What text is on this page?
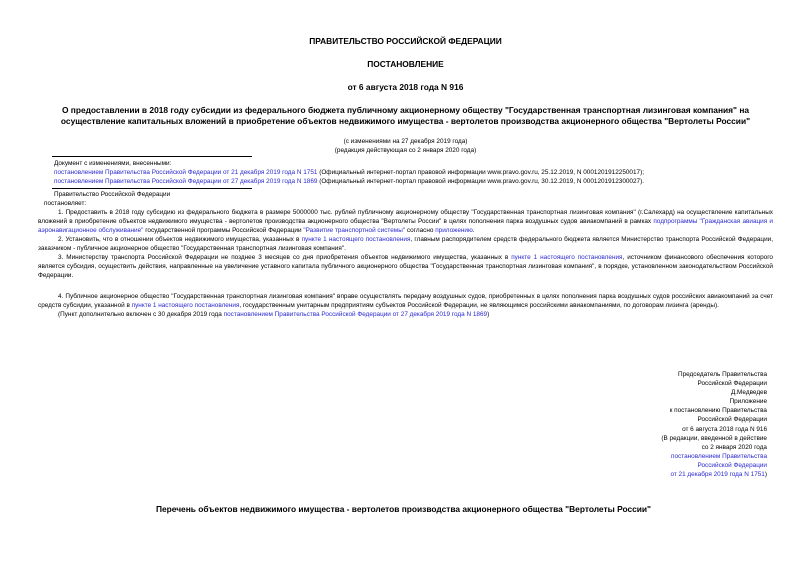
ПРАВИТЕЛЬСТВО РОССИЙСКОЙ ФЕДЕРАЦИИ
ПОСТАНОВЛЕНИЕ
от 6 августа 2018 года N 916
О предоставлении в 2018 году субсидии из федерального бюджета публичному акционерному обществу "Государственная транспортная лизинговая компания" на осуществление капитальных вложений в приобретение объектов недвижимого имущества - вертолетов производства акционерного общества "Вертолеты России"
(с изменениями на 27 декабря 2019 года)
(редакция действующая со 2 января 2020 года)
Документ с изменениями, внесенными:
постановлением Правительства Российской Федерации от 21 декабря 2019 года N 1751 (Официальный интернет-портал правовой информации www.pravo.gov.ru, 25.12.2019, N 0001201912250017);
постановлением Правительства Российской Федерации от 27 декабря 2019 года N 1869 (Официальный интернет-портал правовой информации www.pravo.gov.ru, 30.12.2019, N 0001201912300027).
Правительство Российской Федерации
постановляет:

1. Предоставить в 2018 году субсидию из федерального бюджета в размере 5000000 тыс. рублей публичному акционерному обществу "Государственная транспортная лизинговая компания" (г.Салехард) на осуществление капитальных вложений в приобретение объектов недвижимого имущества - вертолетов производства акционерного общества "Вертолеты России" в целях пополнения парка воздушных судов авиакомпаний в рамках подпрограммы "Гражданская авиация и аэронавигационное обслуживание" государственной программы Российской Федерации "Развитие транспортной системы" согласно приложению.

2. Установить, что в отношении объектов недвижимого имущества, указанных в пункте 1 настоящего постановления, главным распорядителем средств федерального бюджета является Министерство транспорта Российской Федерации, заказчиком - публичное акционерное общество "Государственная транспортная лизинговая компания".

3. Министерству транспорта Российской Федерации не позднее 3 месяцев со дня приобретения объектов недвижимого имущества, указанных в пункте 1 настоящего постановления, источником финансового обеспечения которого является субсидия, осуществить действия, направленные на увеличение уставного капитала публичного акционерного общества "Государственная транспортная лизинговая компания", в порядке, установленном законодательством Российской Федерации.

4. Публичное акционерное общество "Государственная транспортная лизинговая компания" вправе осуществлять передачу воздушных судов, приобретенных в целях пополнения парка воздушных судов российских авиакомпаний за счет средств субсидии, указанной в пункте 1 настоящего постановления, государственным унитарным предприятиям субъектов Российской Федерации, не являющимся российскими авиакомпаниями, по договорам лизинга (аренды).

(Пункт дополнительно включен с 30 декабря 2019 года постановлением Правительства Российской Федерации от 27 декабря 2019 года N 1869)

Председатель Правительства
Российской Федерации
Д.Медведев
Приложение
к постановлению Правительства
Российской Федерации
от 6 августа 2018 года N 916
(В редакции, введенной в действие
со 2 января 2020 года
постановлением Правительства
Российской Федерации
от 21 декабря 2019 года N 1751)
Перечень объектов недвижимого имущества - вертолетов производства акционерного общества "Вертолеты России"
